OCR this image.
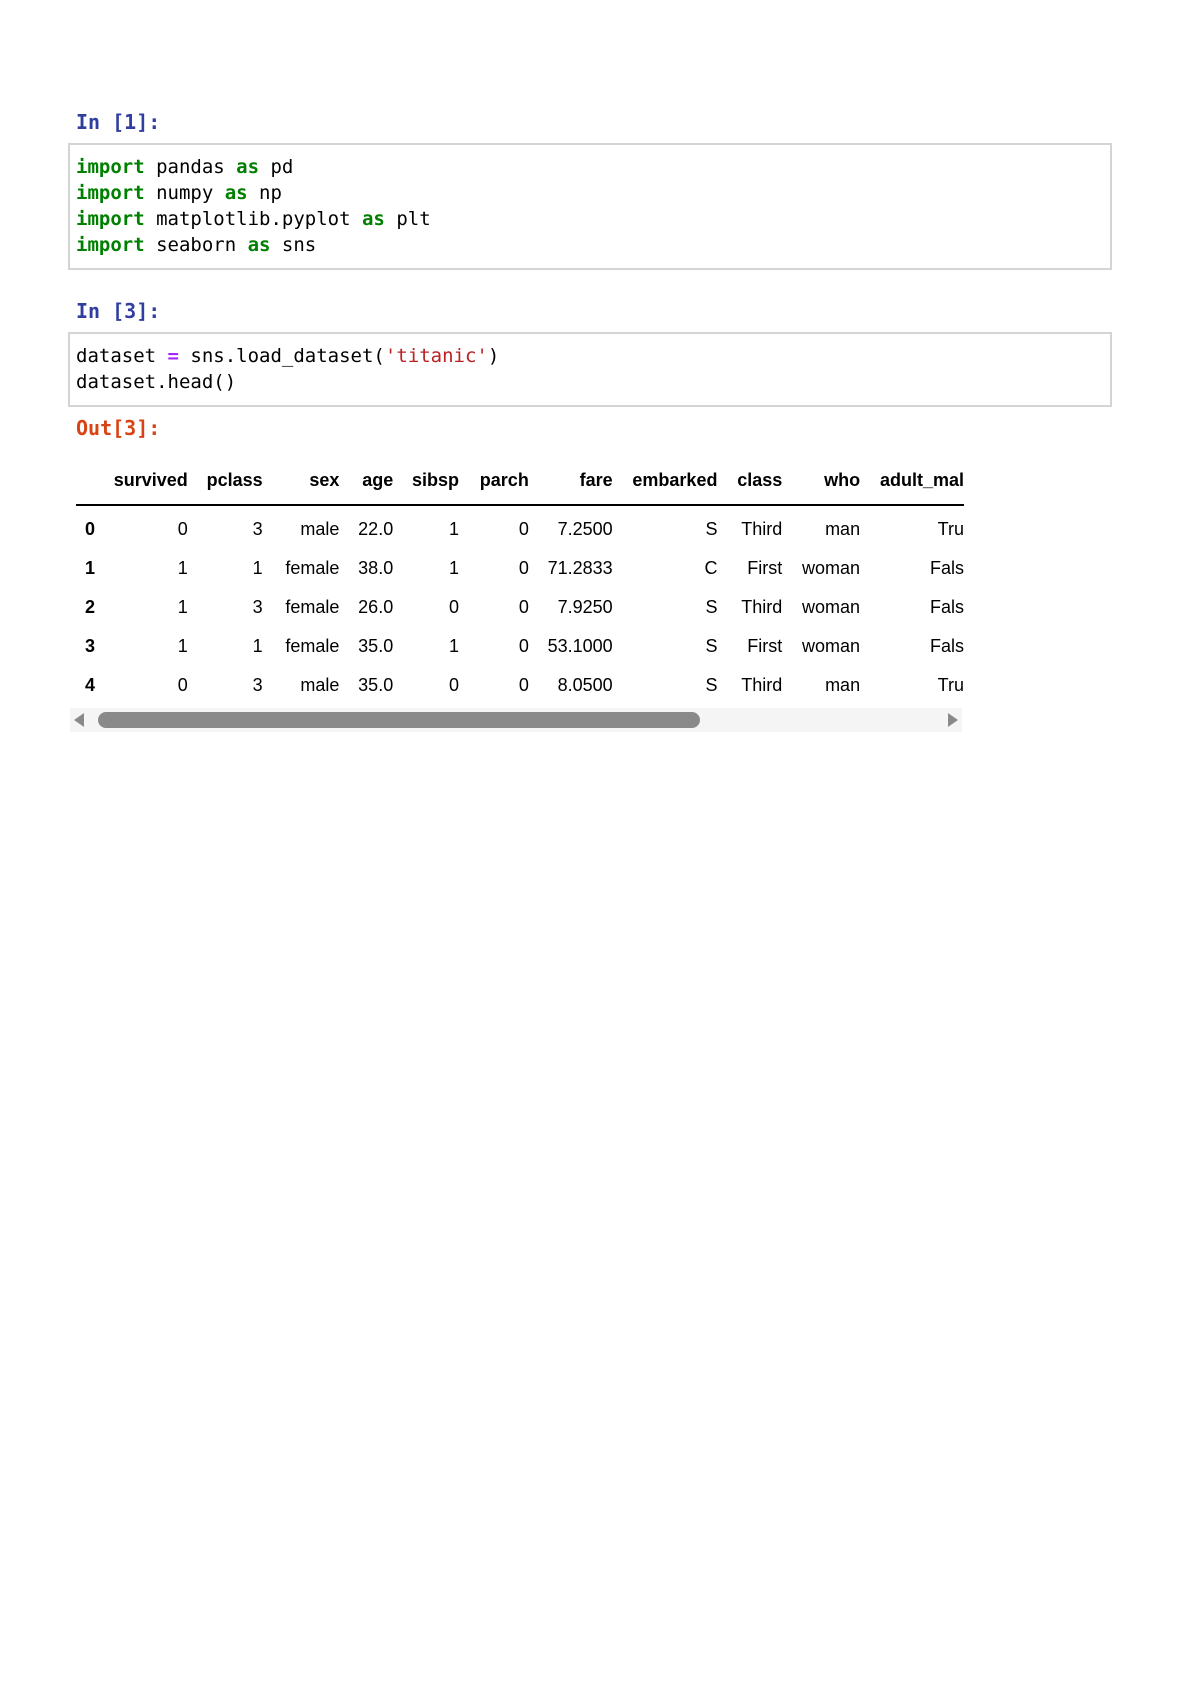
In [1]:
import pandas as pd
import numpy as np
import matplotlib.pyplot as plt
import seaborn as sns
In [3]:
dataset = sns.load_dataset('titanic')
dataset.head()
Out[3]:
	survived	pclass	sex	age	sibsp	parch	fare	embarked	class	who	adult_mal
0	0	3	male	22.0	1	0	7.2500	S	Third	man	Tru
1	1	1	female	38.0	1	0	71.2833	C	First	woman	Fals
2	1	3	female	26.0	0	0	7.9250	S	Third	woman	Fals
3	1	1	female	35.0	1	0	53.1000	S	First	woman	Fals
4	0	3	male	35.0	0	0	8.0500	S	Third	man	Tru
